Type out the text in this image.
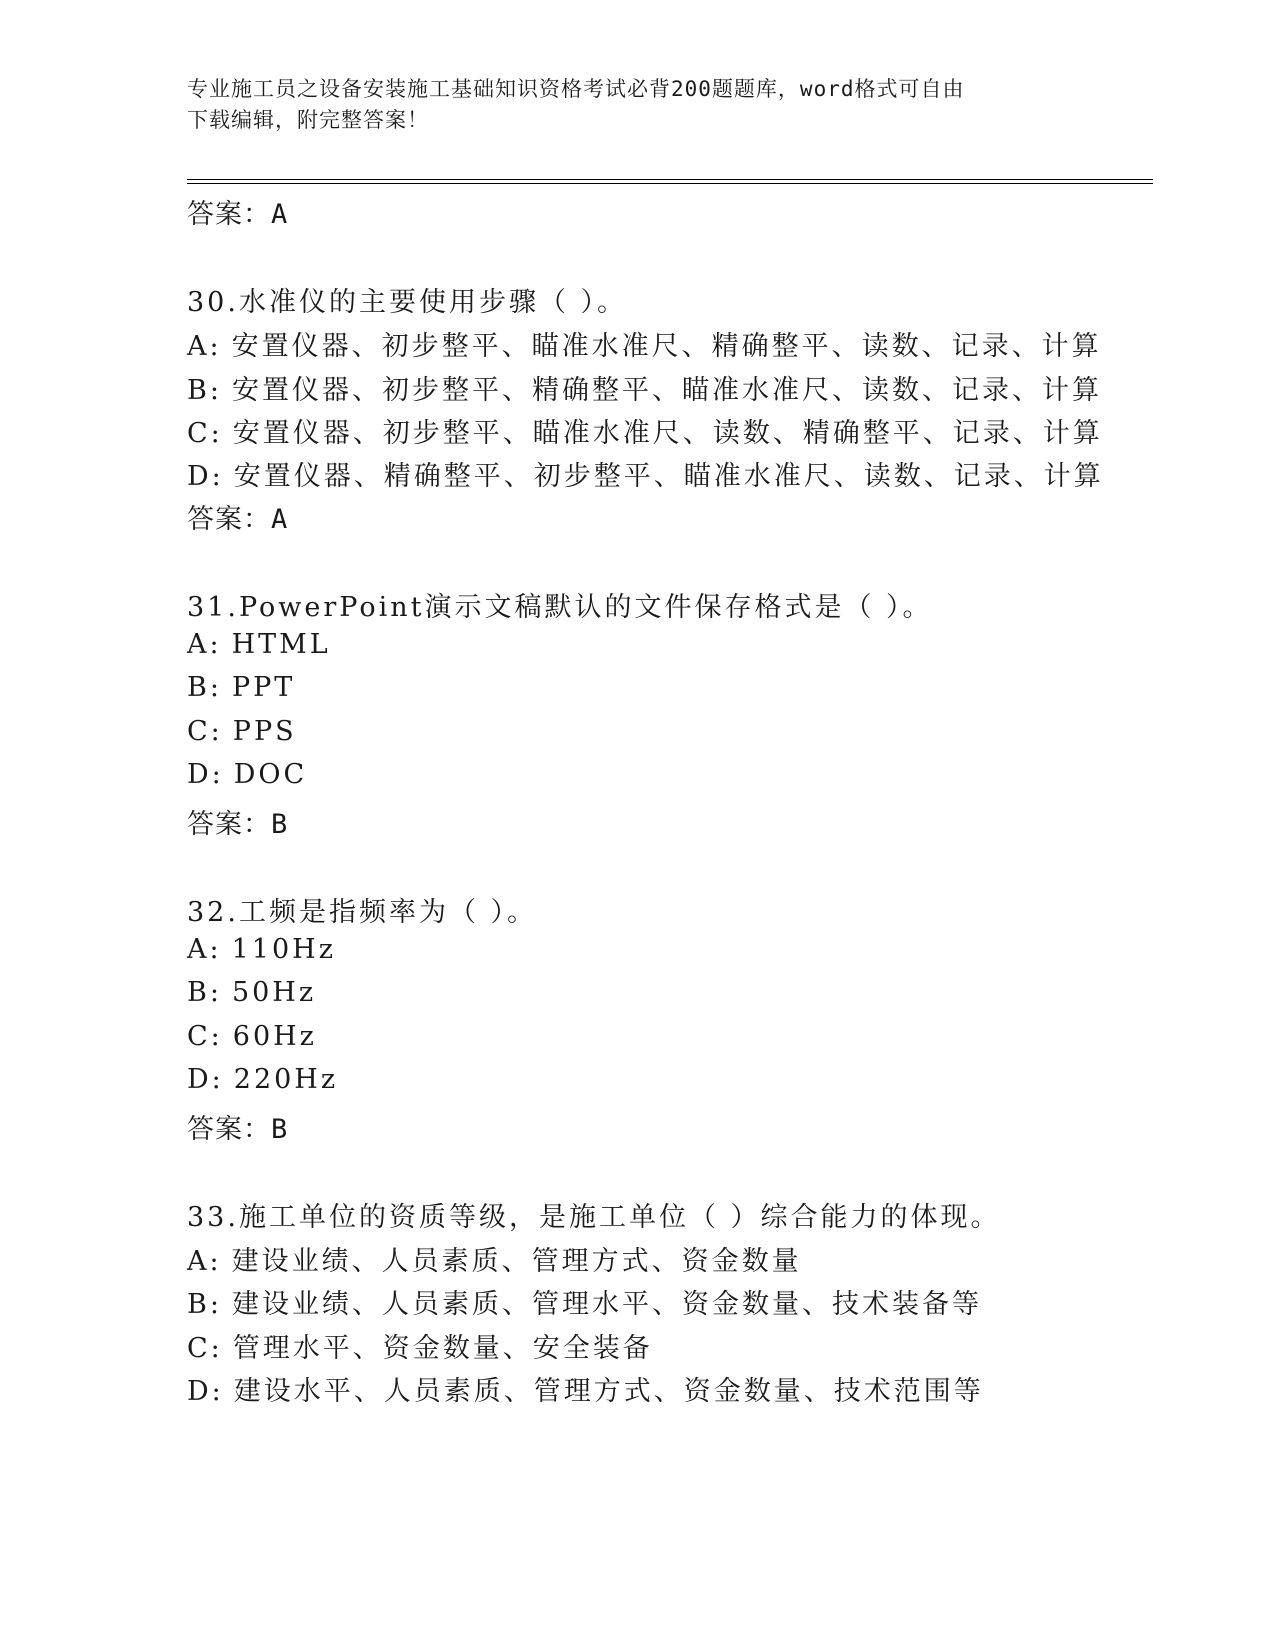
专业施工员之设备安装施工基础知识资格考试必背200题题库，word格式可自由
下载编辑，附完整答案！
答案：A
30.水准仪的主要使用步骤（ ）。
A: 安置仪器、初步整平、瞄准水准尺、精确整平、读数、记录、计算
B: 安置仪器、初步整平、精确整平、瞄准水准尺、读数、记录、计算
C: 安置仪器、初步整平、瞄准水准尺、读数、精确整平、记录、计算
D: 安置仪器、精确整平、初步整平、瞄准水准尺、读数、记录、计算
答案：A
31.PowerPoint演示文稿默认的文件保存格式是（ ）。
A: HTML
B: PPT
C: PPS
D: DOC
答案：B
32.工频是指频率为（ ）。
A: 110Hz
B: 50Hz
C: 60Hz
D: 220Hz
答案：B
33.施工单位的资质等级，是施工单位（ ）综合能力的体现。
A: 建设业绩、人员素质、管理方式、资金数量
B: 建设业绩、人员素质、管理水平、资金数量、技术装备等
C: 管理水平、资金数量、安全装备
D: 建设水平、人员素质、管理方式、资金数量、技术范围等
